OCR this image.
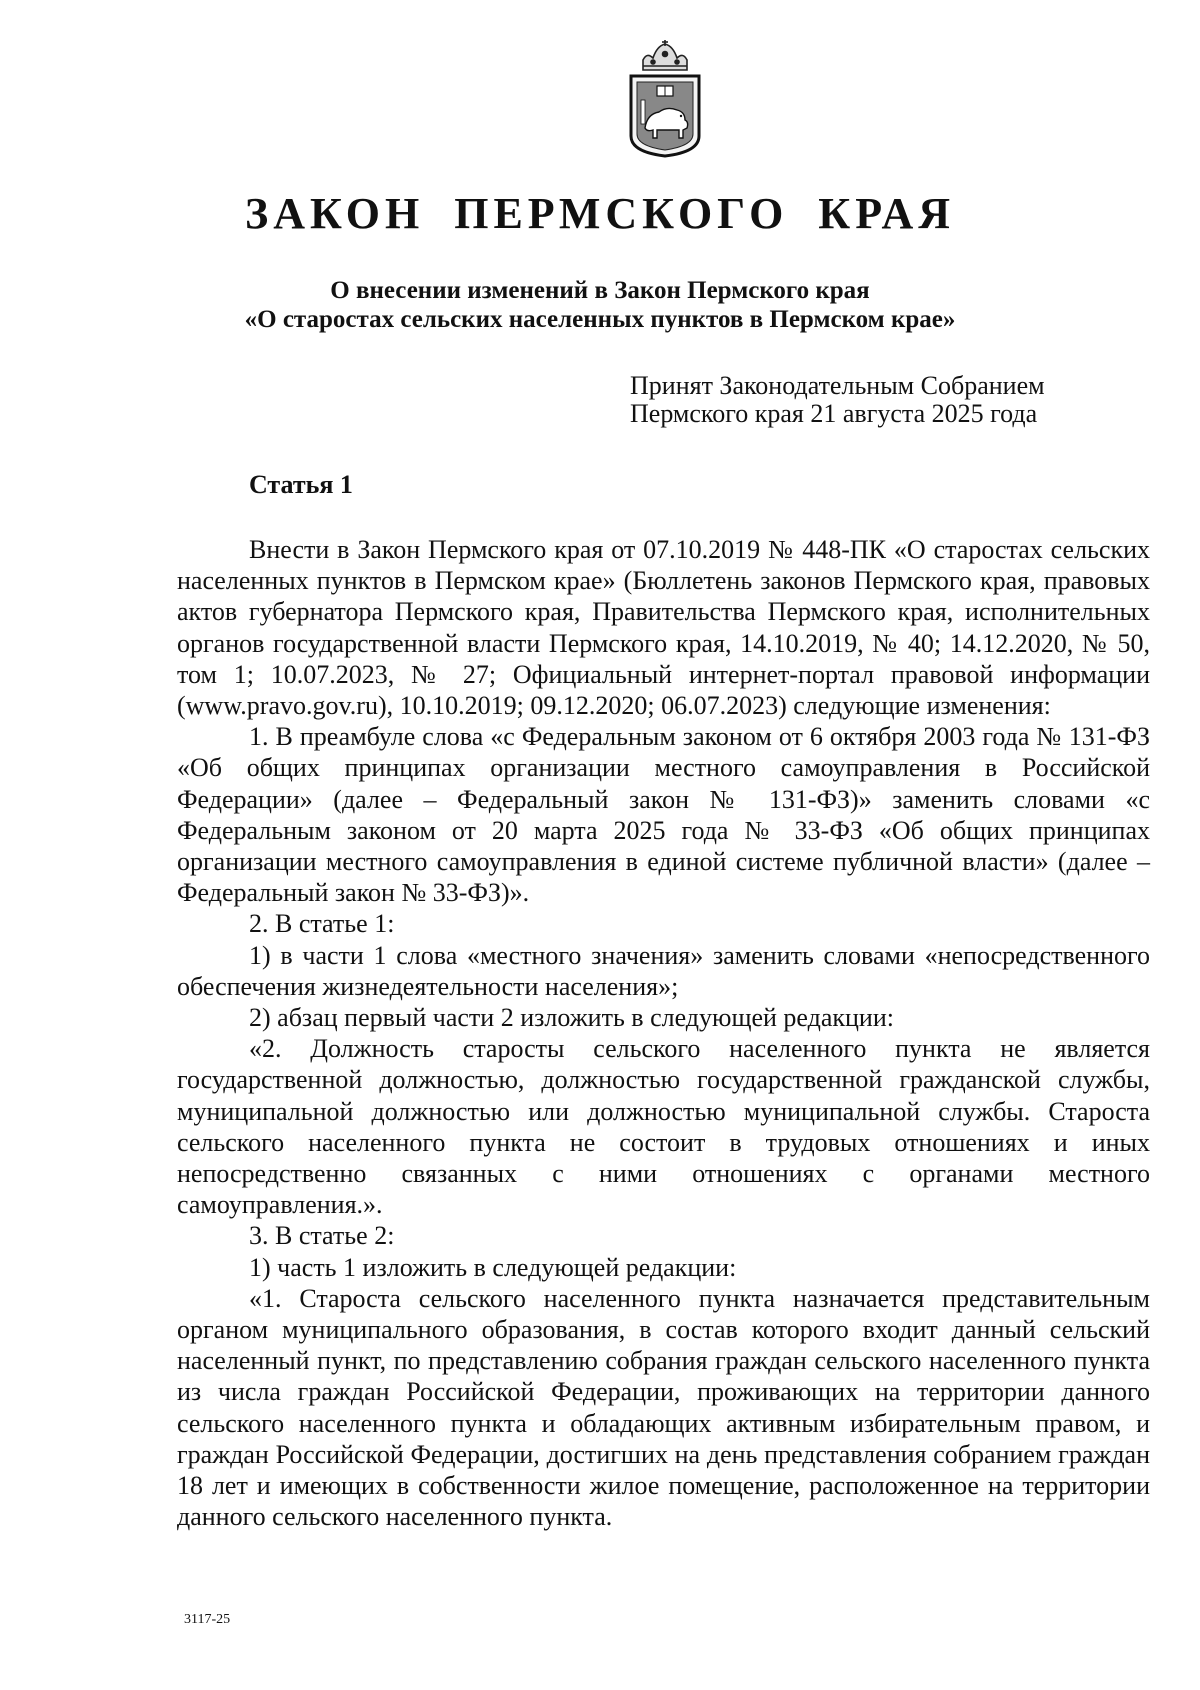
ЗАКОН ПЕРМСКОГО КРАЯ
О внесении изменений в Закон Пермского края
«О старостах сельских населенных пунктов в Пермском крае»
Принят Законодательным Собранием
Пермского края 21 августа 2025 года
Статья 1

Внести в Закон Пермского края от 07.10.2019 № 448-ПК «О старостах сельских населенных пунктов в Пермском крае» (Бюллетень законов Пермского края, правовых актов губернатора Пермского края, Правительства Пермского края, исполнительных органов государственной власти Пермского края, 14.10.2019, № 40; 14.12.2020, № 50, том 1; 10.07.2023, № 27; Официальный интернет-портал правовой информации (www.pravo.gov.ru), 10.10.2019; 09.12.2020; 06.07.2023) следующие изменения:

1. В преамбуле слова «с Федеральным законом от 6 октября 2003 года № 131-ФЗ «Об общих принципах организации местного самоуправления в Российской Федерации» (далее – Федеральный закон № 131-ФЗ)» заменить словами «с Федеральным законом от 20 марта 2025 года № 33-ФЗ «Об общих принципах организации местного самоуправления в единой системе публичной власти» (далее – Федеральный закон № 33-ФЗ)».

2. В статье 1:

1) в части 1 слова «местного значения» заменить словами «непосредственного обеспечения жизнедеятельности населения»;

2) абзац первый части 2 изложить в следующей редакции:

«2. Должность старосты сельского населенного пункта не является государственной должностью, должностью государственной гражданской службы, муниципальной должностью или должностью муниципальной службы. Староста сельского населенного пункта не состоит в трудовых отношениях и иных непосредственно связанных с ними отношениях с органами местного самоуправления.».

3. В статье 2:

1) часть 1 изложить в следующей редакции:

«1. Староста сельского населенного пункта назначается представительным органом муниципального образования, в состав которого входит данный сельский населенный пункт, по представлению собрания граждан сельского населенного пункта из числа граждан Российской Федерации, проживающих на территории данного сельского населенного пункта и обладающих активным избирательным правом, и граждан Российской Федерации, достигших на день представления собранием граждан 18 лет и имеющих в собственности жилое помещение, расположенное на территории данного сельского населенного пункта.

3117-25
